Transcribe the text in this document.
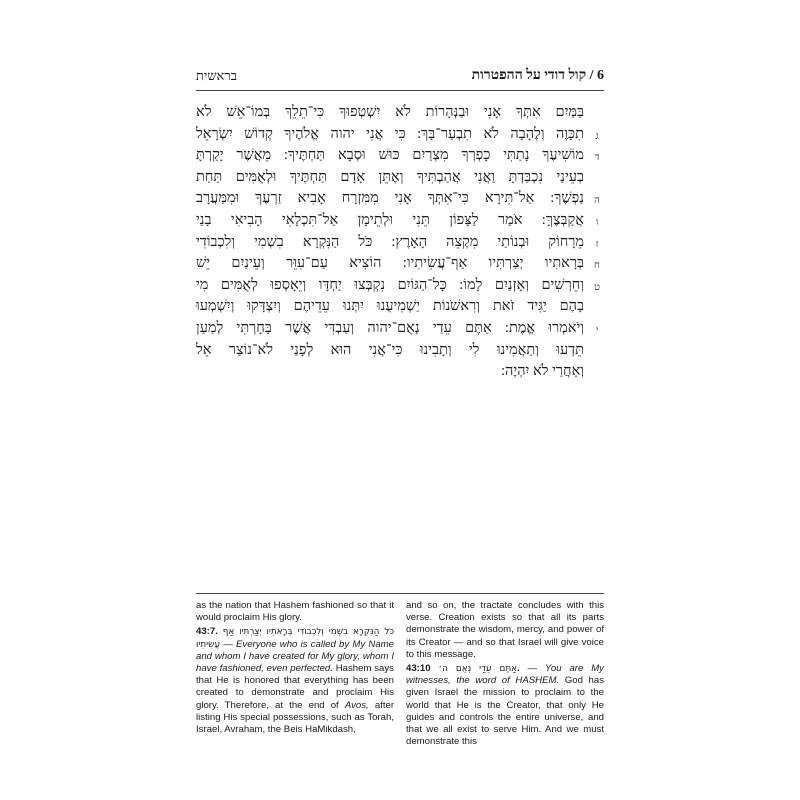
בראשית	6 / קול דודי על ההפטרות
בַּמַּיִם אִתְּךָ אָנִי וּבַנְּהָרוֹת לֹא יִשְׁטְפוּךָ כִּי־תֵלֵךְ בְּמוֹ־אֵשׁ לֹא
ג
תִכָּוֶה וְלֶהָבָה לֹא תִבְעַר־בָּךְ: כִּי אֲנִי יהוה אֱלֹהֶיךָ קְדוֹשׁ יִשְׂרָאֵל
ד
מוֹשִׁיעֶךָ נָתַתִּי כָפְרְךָ מִצְרַיִם כּוּשׁ וּסְבָא תַּחְתֶּיךָ: מֵאֲשֶׁר יָקַרְתָּ
בְעֵינַי נִכְבַּדְתָּ וַאֲנִי אֲהַבְתִּיךָ וְאֶתֵּן אָדָם תַּחְתֶּיךָ וּלְאֻמִּים תַּחַת
ה
נַפְשֶׁךָ: אַל־תִּירָא כִּי־אִתְּךָ אָנִי מִמִּזְרָח אָבִיא זַרְעֶךָ וּמִמַּעֲרָב
ו
אֲקַבְּצֶךָּ: אֹמַר לַצָּפוֹן תֵּנִי וּלְתֵימָן אַל־תִּכְלָאִי הָבִיאִי בָנַי
ז
מֵרָחוֹק וּבְנוֹתַי מִקְצֵה הָאָרֶץ: כֹּל הַנִּקְרָא בִשְׁמִי וְלִכְבוֹדִי
ח
בְּרָאתִיו יְצַרְתִּיו אַף־עֲשִׂיתִיו: הוֹצִיא עַם־עִוֵּר וְעֵינַיִם יֵשׁ
ט
וְחֵרְשִׁים וְאָזְנַיִם לָמוֹ: כָּל־הַגּוֹיִם נִקְבְּצוּ יַחְדָּו וְיֵאָסְפוּ לְאֻמִּים מִי
בָהֶם יַגִּיד זֹאת וְרִאשֹׁנוֹת יַשְׁמִיעֻנוּ יִתְּנוּ עֵדֵיהֶם וְיִצְדָּקוּ וְיִשְׁמְעוּ
י
וְיֹאמְרוּ אֱמֶת: אַתֶּם עֵדַי נְאֻם־יהוה וְעַבְדִּי אֲשֶׁר בָּחָרְתִּי לְמַעַן
תֵּדְעוּ וְתַאֲמִינוּ לִי וְתָבִינוּ כִּי־אֲנִי הוּא לְפָנַי לֹא־נוֹצַר אֵל
וְאַחֲרַי לֹא יִהְיֶה:

as the nation that Hashem fashioned so that it would proclaim His glory.

43:7. כֹּל הַנִּקְרָא בִשְׁמִי וְלִכְבוֹדִי בְּרָאתִיו יְצַרְתִּיו אַף עֲשִׂיתִיו — Everyone who is called by My Name and whom I have created for My glory, whom I have fashioned, even perfected. Hashem says that He is honored that everything has been created to demonstrate and proclaim His glory. Therefore, at the end of Avos, after listing His special possessions, such as Torah, Israel, Avraham, the Beis HaMikdash,

and so on, the tractate concludes with this verse. Creation exists so that all its parts demonstrate the wisdom, mercy, and power of its Creator — and so that Israel will give voice to this message.

אַתֶּם עֵדַי נְאֻם ה׳ 43:10. — You are My witnesses, the word of HASHEM. God has given Israel the mission to proclaim to the world that He is the Creator, that only He guides and controls the entire universe, and that we all exist to serve Him. And we must demonstrate this
